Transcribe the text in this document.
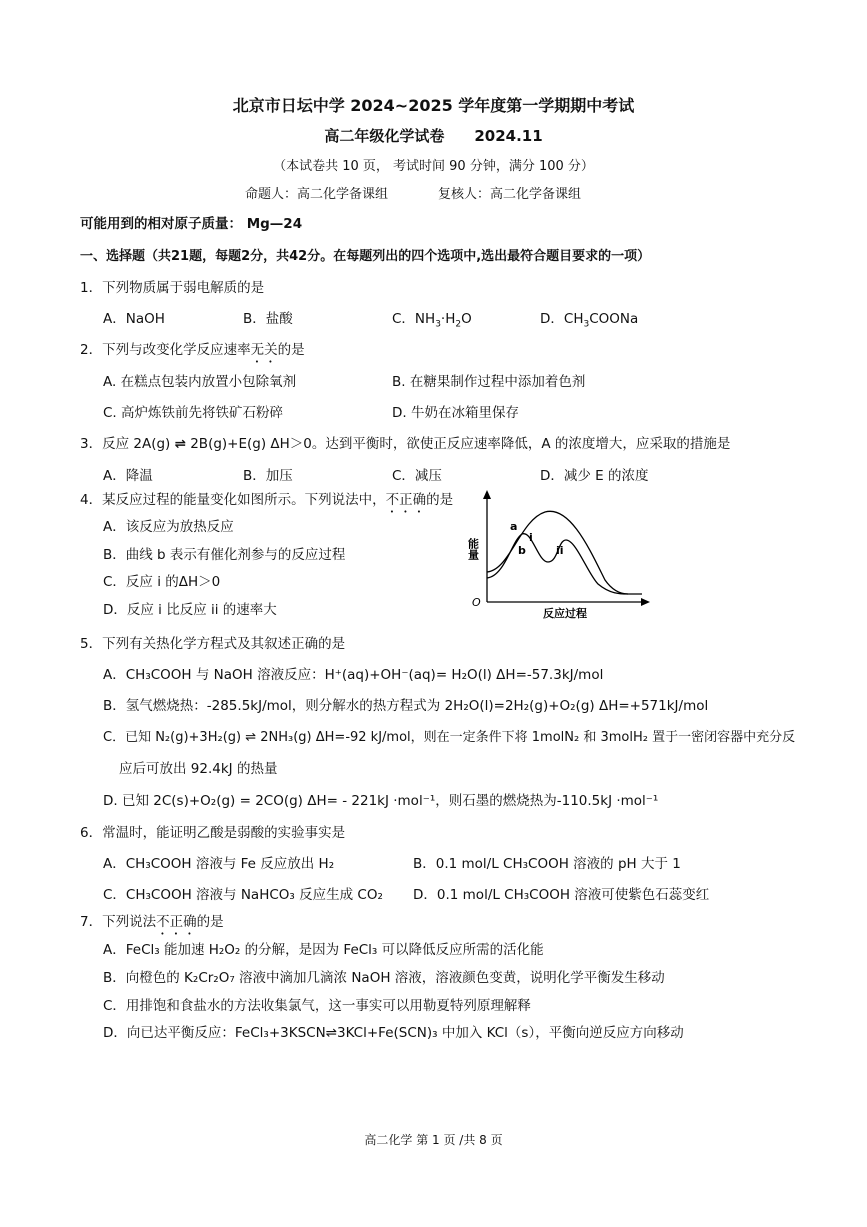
北京市日坛中学 2024~2025 学年度第一学期期中考试
高二年级化学试卷　　2024.11
（本试卷共 10 页， 考试时间 90 分钟，满分 100 分）
命题人：高二化学备课组	复核人：高二化学备课组
可能用到的相对原子质量： Mg—24
一、选择题（共21题，每题2分，共42分。在每题列出的四个选项中,选出最符合题目要求的一项）
1．下列物质属于弱电解质的是
A．NaOH	B．盐酸	C．$NH_3\cdot H_2O$	D．$CH_3COONa$
2．下列与改变化学反应速率无关的是
A. 在糕点包装内放置小包除氧剂	B. 在糖果制作过程中添加着色剂
C. 高炉炼铁前先将铁矿石粉碎	D. 牛奶在冰箱里保存
3．反应 2A(g) ⇌ 2B(g)+E(g) ΔH＞0。达到平衡时，欲使正反应速率降低，A 的浓度增大，应采取的措施是
A．降温	B．加压	C．减压	D．减少 E 的浓度
4．某反应过程的能量变化如图所示。下列说法中，不正确的是
A．该反应为放热反应
B．曲线 b 表示有催化剂参与的反应过程
C．反应 i 的ΔH＞0
D．反应 i 比反应 ii 的速率大
a
b
i
ii
O
反应过程
能量
5．下列有关热化学方程式及其叙述正确的是
A．CH₃COOH 与 NaOH 溶液反应：H⁺(aq)+OH⁻(aq)= H₂O(l) ΔH=-57.3kJ/mol
B．氢气燃烧热：-285.5kJ/mol，则分解水的热方程式为 2H₂O(l)=2H₂(g)+O₂(g) ΔH=+571kJ/mol
C．已知 N₂(g)+3H₂(g) ⇌ 2NH₃(g) ΔH=-92 kJ/mol，则在一定条件下将 1molN₂ 和 3molH₂ 置于一密闭容器中充分反
应后可放出 92.4kJ 的热量
D. 已知 2C(s)+O₂(g) = 2CO(g) ΔH= - 221kJ ·mol⁻¹，则石墨的燃烧热为-110.5kJ ·mol⁻¹
6．常温时，能证明乙酸是弱酸的实验事实是
A．CH₃COOH 溶液与 Fe 反应放出 H₂	B．0.1 mol/L CH₃COOH 溶液的 pH 大于 1
C．CH₃COOH 溶液与 NaHCO₃ 反应生成 CO₂ D．0.1 mol/L CH₃COOH 溶液可使紫色石蕊变红
7．下列说法不正确的是
A．FeCl₃ 能加速 H₂O₂ 的分解，是因为 FeCl₃ 可以降低反应所需的活化能
B．向橙色的 K₂Cr₂O₇ 溶液中滴加几滴浓 NaOH 溶液，溶液颜色变黄，说明化学平衡发生移动
C．用排饱和食盐水的方法收集氯气，这一事实可以用勒夏特列原理解释
D．向已达平衡反应：FeCl₃+3KSCN⇌3KCl+Fe(SCN)₃ 中加入 KCl（s），平衡向逆反应方向移动
高二化学 第 1 页 /共 8 页
